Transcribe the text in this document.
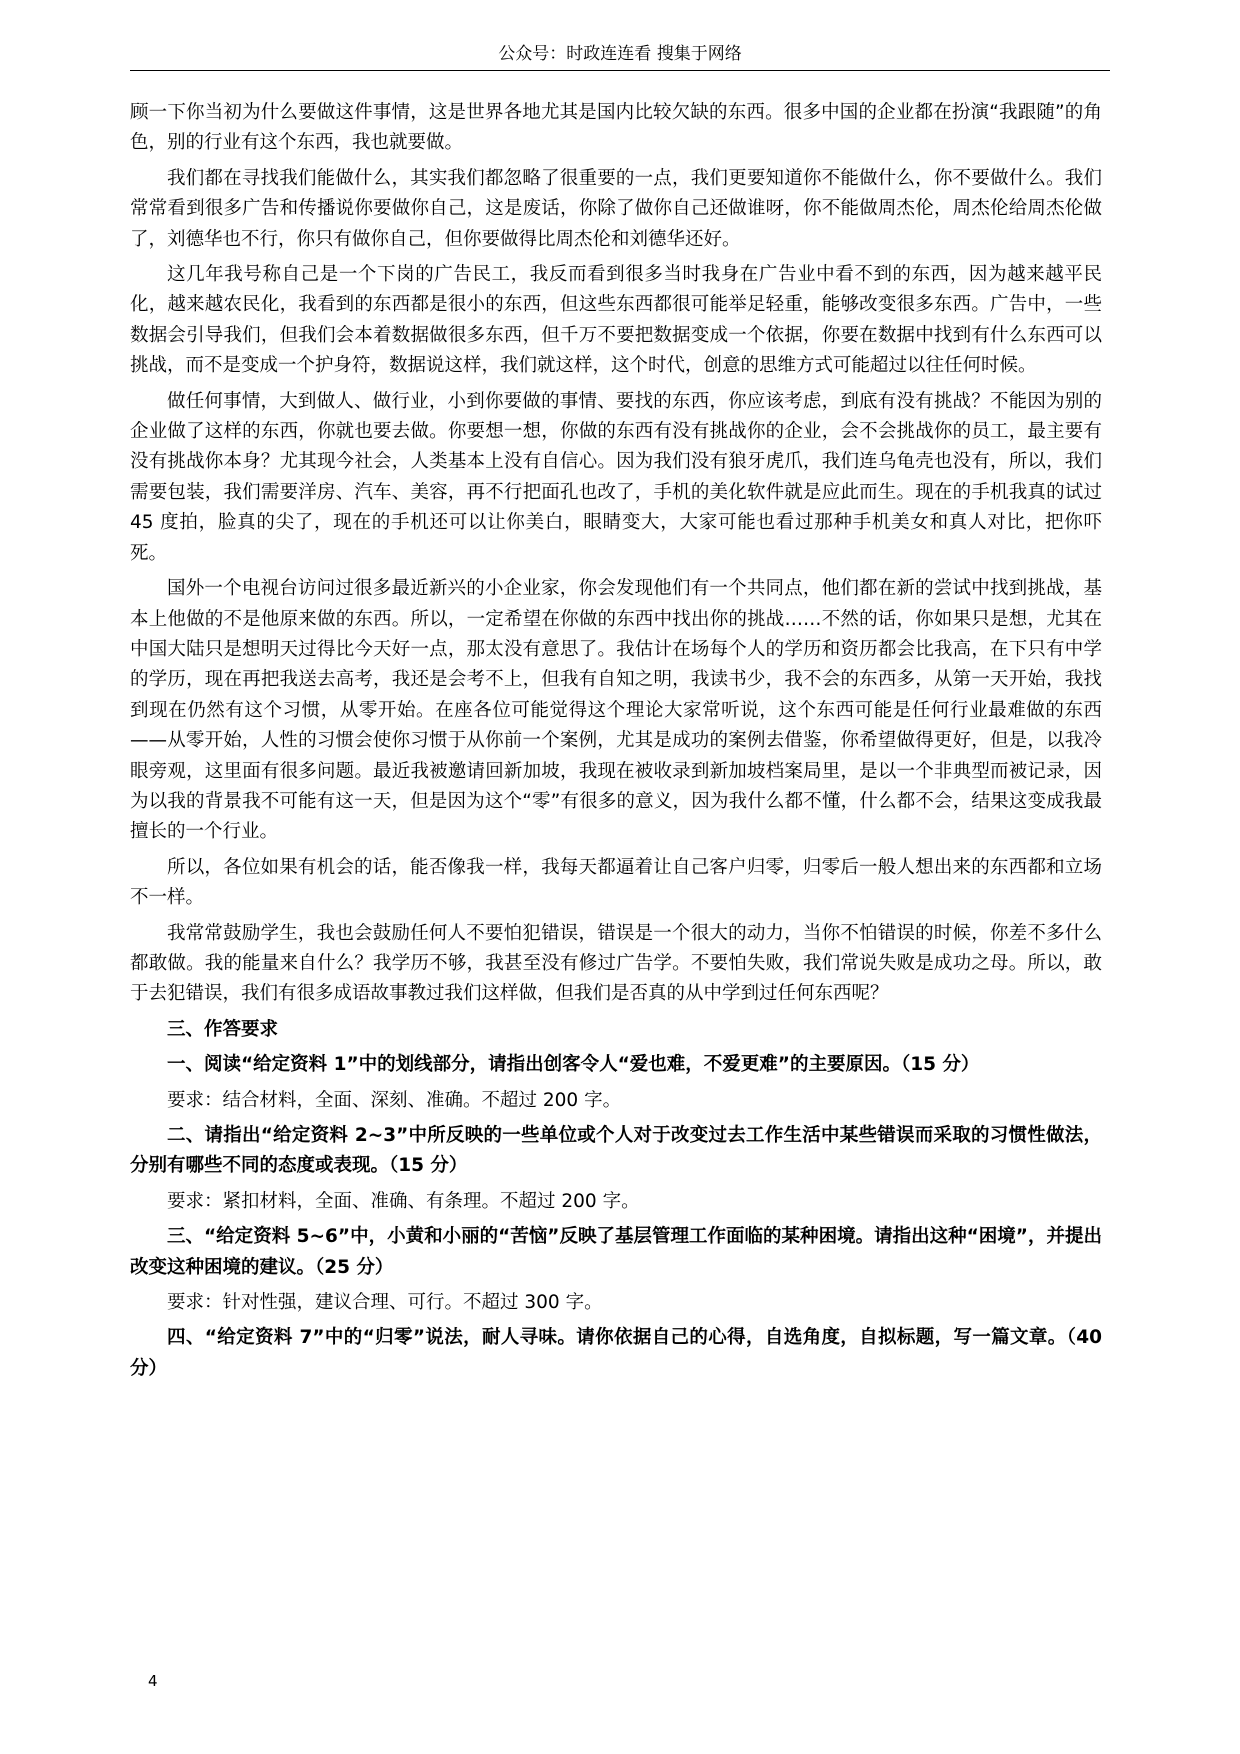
公众号：时政连连看 搜集于网络

顾一下你当初为什么要做这件事情，这是世界各地尤其是国内比较欠缺的东西。很多中国的企业都在扮演“我跟随”的角色，别的行业有这个东西，我也就要做。

我们都在寻找我们能做什么，其实我们都忽略了很重要的一点，我们更要知道你不能做什么，你不要做什么。我们常常看到很多广告和传播说你要做你自己，这是废话，你除了做你自己还做谁呀，你不能做周杰伦，周杰伦给周杰伦做了，刘德华也不行，你只有做你自己，但你要做得比周杰伦和刘德华还好。

这几年我号称自己是一个下岗的广告民工，我反而看到很多当时我身在广告业中看不到的东西，因为越来越平民化，越来越农民化，我看到的东西都是很小的东西，但这些东西都很可能举足轻重，能够改变很多东西。广告中，一些数据会引导我们，但我们会本着数据做很多东西，但千万不要把数据变成一个依据，你要在数据中找到有什么东西可以挑战，而不是变成一个护身符，数据说这样，我们就这样，这个时代，创意的思维方式可能超过以往任何时候。

做任何事情，大到做人、做行业，小到你要做的事情、要找的东西，你应该考虑，到底有没有挑战？不能因为别的企业做了这样的东西，你就也要去做。你要想一想，你做的东西有没有挑战你的企业，会不会挑战你的员工，最主要有没有挑战你本身？尤其现今社会，人类基本上没有自信心。因为我们没有狼牙虎爪，我们连乌龟壳也没有，所以，我们需要包装，我们需要洋房、汽车、美容，再不行把面孔也改了，手机的美化软件就是应此而生。现在的手机我真的试过 45 度拍，脸真的尖了，现在的手机还可以让你美白，眼睛变大，大家可能也看过那种手机美女和真人对比，把你吓死。

国外一个电视台访问过很多最近新兴的小企业家，你会发现他们有一个共同点，他们都在新的尝试中找到挑战，基本上他做的不是他原来做的东西。所以，一定希望在你做的东西中找出你的挑战……不然的话，你如果只是想，尤其在中国大陆只是想明天过得比今天好一点，那太没有意思了。我估计在场每个人的学历和资历都会比我高，在下只有中学的学历，现在再把我送去高考，我还是会考不上，但我有自知之明，我读书少，我不会的东西多，从第一天开始，我找到现在仍然有这个习惯，从零开始。在座各位可能觉得这个理论大家常听说，这个东西可能是任何行业最难做的东西——从零开始，人性的习惯会使你习惯于从你前一个案例，尤其是成功的案例去借鉴，你希望做得更好，但是，以我冷眼旁观，这里面有很多问题。最近我被邀请回新加坡，我现在被收录到新加坡档案局里，是以一个非典型而被记录，因为以我的背景我不可能有这一天，但是因为这个“零”有很多的意义，因为我什么都不懂，什么都不会，结果这变成我最擅长的一个行业。

所以，各位如果有机会的话，能否像我一样，我每天都逼着让自己客户归零，归零后一般人想出来的东西都和立场不一样。

我常常鼓励学生，我也会鼓励任何人不要怕犯错误，错误是一个很大的动力，当你不怕错误的时候，你差不多什么都敢做。我的能量来自什么？我学历不够，我甚至没有修过广告学。不要怕失败，我们常说失败是成功之母。所以，敢于去犯错误，我们有很多成语故事教过我们这样做，但我们是否真的从中学到过任何东西呢？

三、作答要求

一、阅读“给定资料 1”中的划线部分，请指出创客令人“爱也难，不爱更难”的主要原因。（15 分）

要求：结合材料，全面、深刻、准确。不超过 200 字。

二、请指出“给定资料 2~3”中所反映的一些单位或个人对于改变过去工作生活中某些错误而采取的习惯性做法，分别有哪些不同的态度或表现。（15 分）

要求：紧扣材料，全面、准确、有条理。不超过 200 字。

三、“给定资料 5~6”中，小黄和小丽的“苦恼”反映了基层管理工作面临的某种困境。请指出这种“困境”，并提出改变这种困境的建议。（25 分）

要求：针对性强，建议合理、可行。不超过 300 字。

四、“给定资料 7”中的“归零”说法，耐人寻味。请你依据自己的心得，自选角度，自拟标题，写一篇文章。（40 分）

4
